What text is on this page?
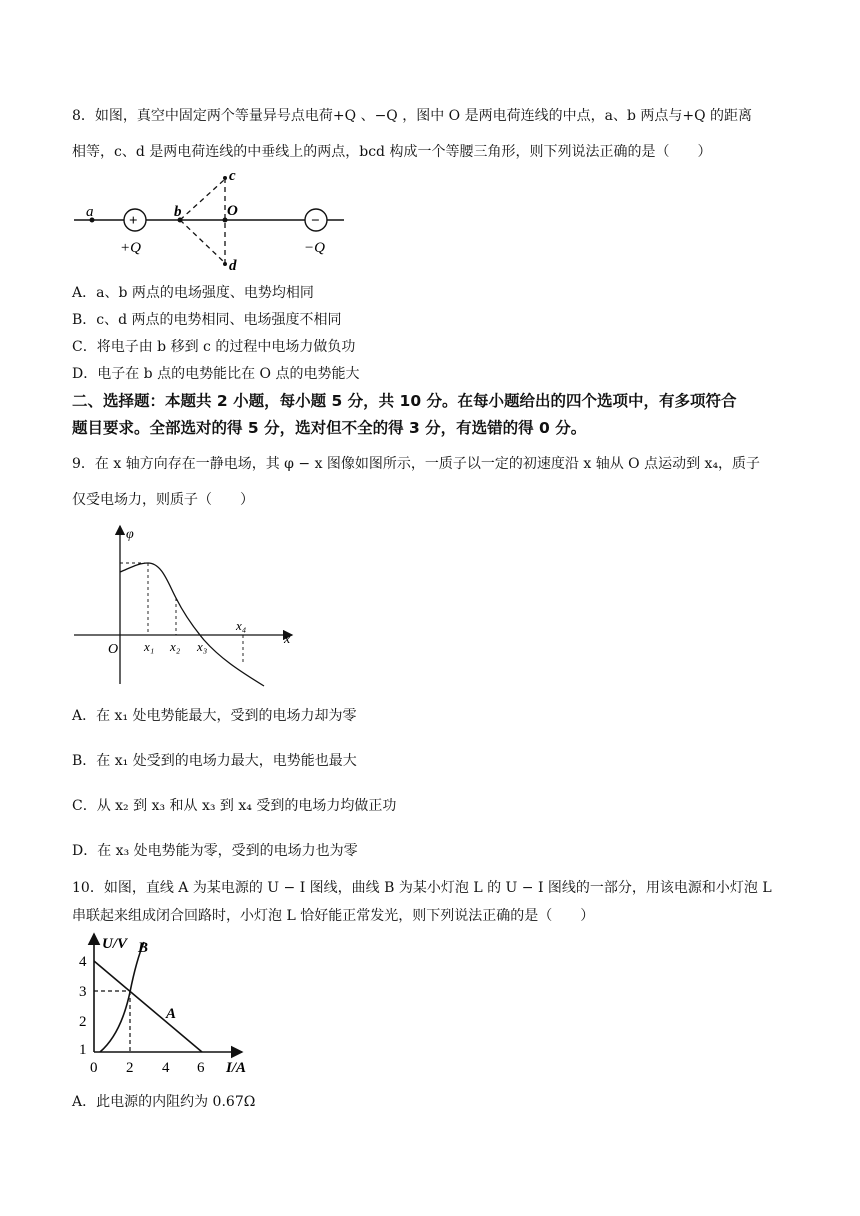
8．如图，真空中固定两个等量异号点电荷+Q 、−Q ，图中 O 是两电荷连线的中点，a、b 两点与+Q 的距离
相等，c、d 是两电荷连线的中垂线上的两点，bcd 构成一个等腰三角形，则下列说法正确的是（　　）
a
+
+Q
b	O
c
d
−
−Q
A．a、b 两点的电场强度、电势均相同
B．c、d 两点的电势相同、电场强度不相同
C．将电子由 b 移到 c 的过程中电场力做负功
D．电子在 b 点的电势能比在 O 点的电势能大
二、选择题：本题共 2 小题，每小题 5 分，共 10 分。在每小题给出的四个选项中，有多项符合
题目要求。全部选对的得 5 分，选对但不全的得 3 分，有选错的得 0 分。
9．在 x 轴方向存在一静电场，其 φ − x 图像如图所示，一质子以一定的初速度沿 x 轴从 O 点运动到 x₄，质子
仅受电场力，则质子（　　）
φ
x
O x₁ x₂ x₃
x₄
A．在 x₁ 处电势能最大，受到的电场力却为零
B．在 x₁ 处受到的电场力最大，电势能也最大
C．从 x₂ 到 x₃ 和从 x₃ 到 x₄ 受到的电场力均做正功
D．在 x₃ 处电势能为零，受到的电场力也为零
10．如图，直线 A 为某电源的 U − I 图线，曲线 B 为某小灯泡 L 的 U − I 图线的一部分，用该电源和小灯泡 L
串联起来组成闭合回路时，小灯泡 L 恰好能正常发光，则下列说法正确的是（　　）
U/V
I/A
4
3
2
1
0 2 4 6
B
A
A．此电源的内阻约为 0.67Ω
